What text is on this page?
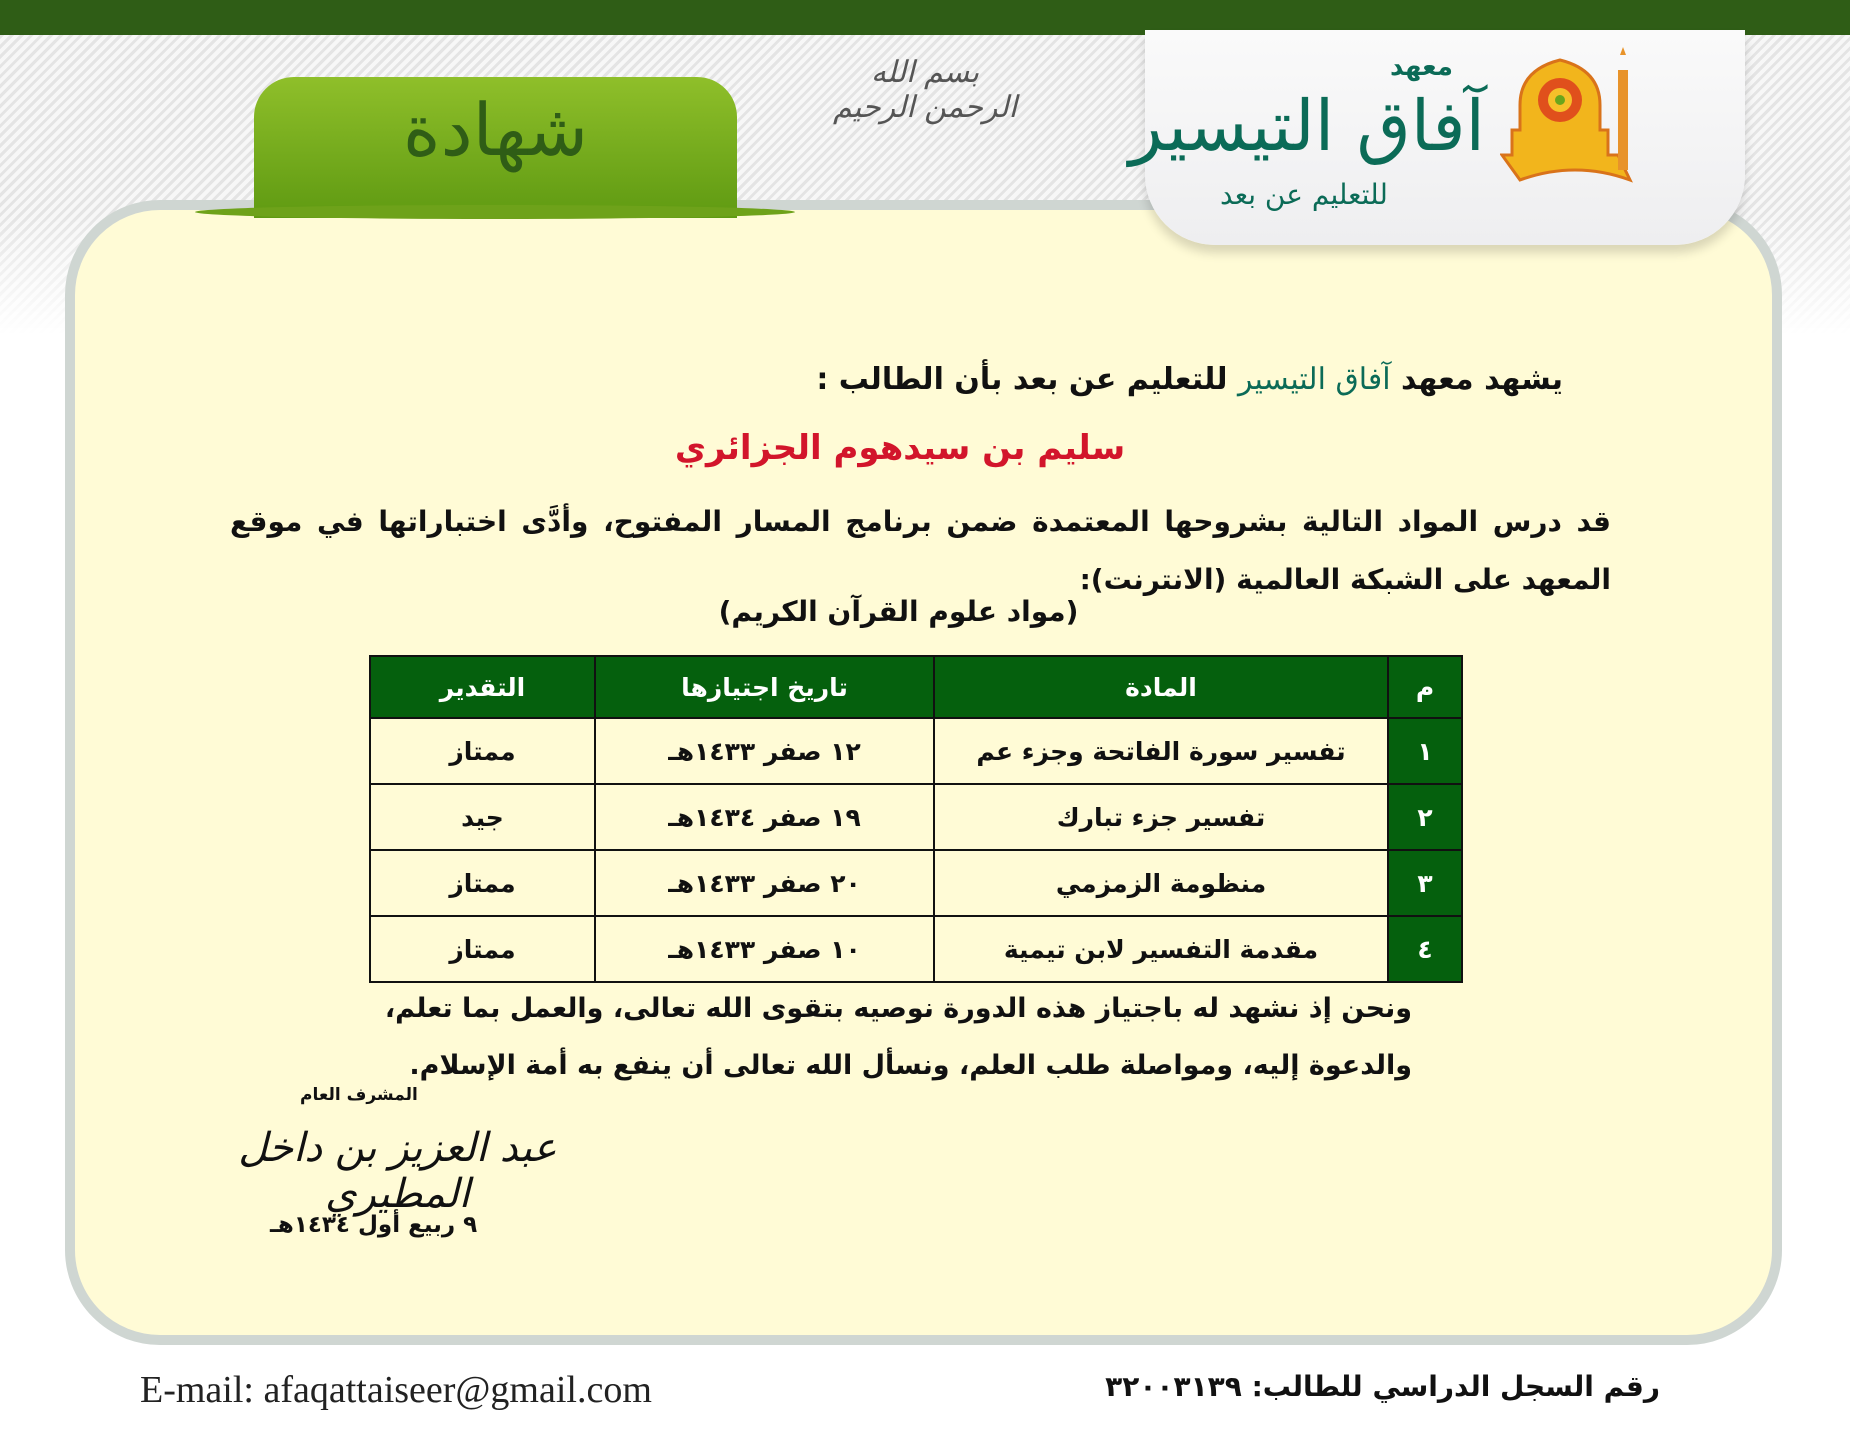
شهادة
بسم الله الرحمن الرحيم
معهد
آفاق التيسير
للتعليم عن بعد
يشهد معهد آفاق التيسير للتعليم عن بعد بأن الطالب :
سليم بن سيدهوم الجزائري
قد درس المواد التالية بشروحها المعتمدة ضمن برنامج المسار المفتوح، وأدَّى اختباراتها في موقع المعهد على الشبكة العالمية (الانترنت):
(مواد علوم القرآن الكريم)
م	المادة	تاريخ اجتيازها	التقدير
١	تفسير سورة الفاتحة وجزء عم	١٢ صفر ١٤٣٣هـ	ممتاز
٢	تفسير جزء تبارك	١٩ صفر ١٤٣٤هـ	جيد
٣	منظومة الزمزمي	٢٠ صفر ١٤٣٣هـ	ممتاز
٤	مقدمة التفسير لابن تيمية	١٠ صفر ١٤٣٣هـ	ممتاز
ونحن إذ نشهد له باجتياز هذه الدورة نوصيه بتقوى الله تعالى، والعمل بما تعلم،
والدعوة إليه، ومواصلة طلب العلم، ونسأل الله تعالى أن ينفع به أمة الإسلام.
المشرف العام
عبد العزيز بن داخل المطيري
٩ ربيع أول ١٤٣٤هـ
E-mail: afaqattaiseer@gmail.com	رقم السجل الدراسي للطالب: ٣٢٠٠٣١٣٩
